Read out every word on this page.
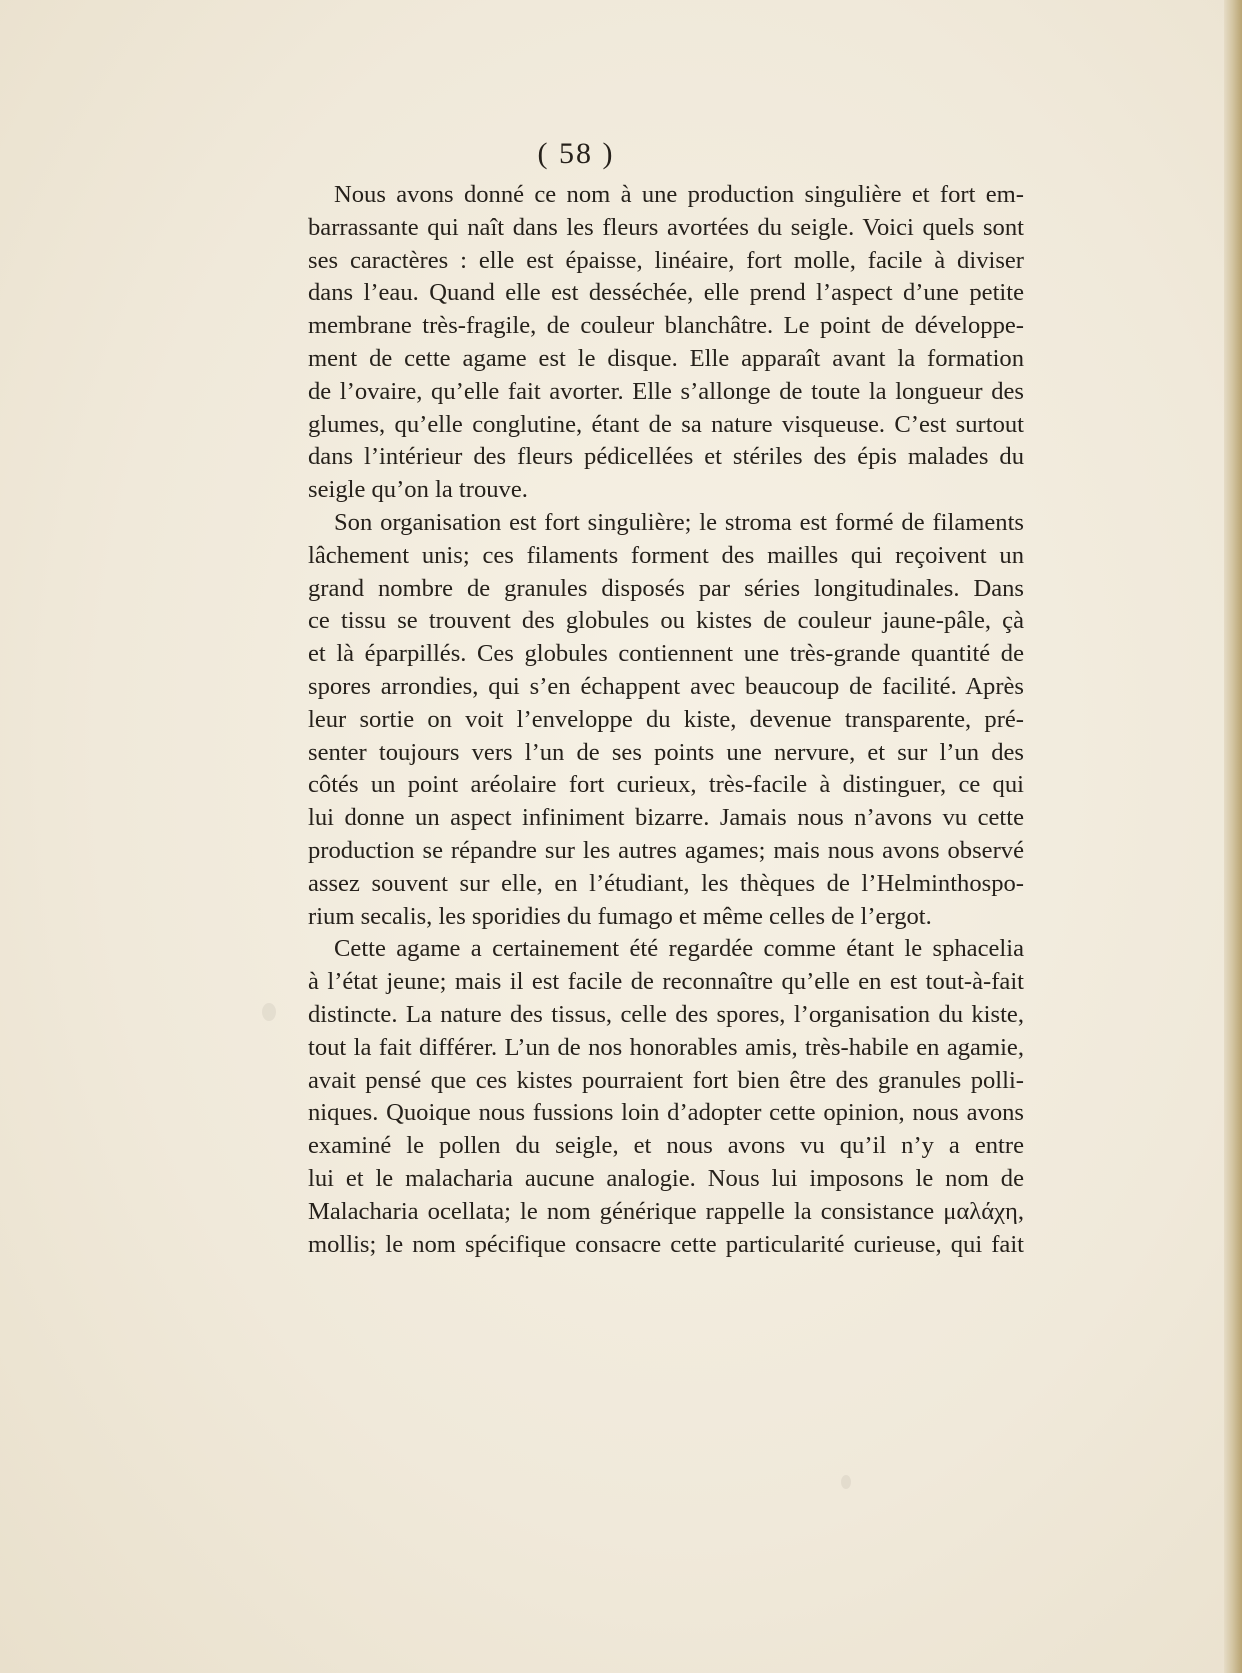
( 58 )
Nous avons donné ce nom à une production singulière et fort em-
barrassante qui naît dans les fleurs avortées du seigle. Voici quels sont
ses caractères : elle est épaisse, linéaire, fort molle, facile à diviser
dans l’eau. Quand elle est desséchée, elle prend l’aspect d’une petite
membrane très-fragile, de couleur blanchâtre. Le point de développe-
ment de cette agame est le disque. Elle apparaît avant la formation
de l’ovaire, qu’elle fait avorter. Elle s’allonge de toute la longueur des
glumes, qu’elle conglutine, étant de sa nature visqueuse. C’est surtout
dans l’intérieur des fleurs pédicellées et stériles des épis malades du
seigle qu’on la trouve.
Son organisation est fort singulière; le stroma est formé de filaments
lâchement unis; ces filaments forment des mailles qui reçoivent un
grand nombre de granules disposés par séries longitudinales. Dans
ce tissu se trouvent des globules ou kistes de couleur jaune-pâle, çà
et là éparpillés. Ces globules contiennent une très-grande quantité de
spores arrondies, qui s’en échappent avec beaucoup de facilité. Après
leur sortie on voit l’enveloppe du kiste, devenue transparente, pré-
senter toujours vers l’un de ses points une nervure, et sur l’un des
côtés un point aréolaire fort curieux, très-facile à distinguer, ce qui
lui donne un aspect infiniment bizarre. Jamais nous n’avons vu cette
production se répandre sur les autres agames; mais nous avons observé
assez souvent sur elle, en l’étudiant, les thèques de l’Helminthospo-
rium secalis, les sporidies du fumago et même celles de l’ergot.
Cette agame a certainement été regardée comme étant le sphacelia
à l’état jeune; mais il est facile de reconnaître qu’elle en est tout-à-fait
distincte. La nature des tissus, celle des spores, l’organisation du kiste,
tout la fait différer. L’un de nos honorables amis, très-habile en agamie,
avait pensé que ces kistes pourraient fort bien être des granules polli-
niques. Quoique nous fussions loin d’adopter cette opinion, nous avons
examiné le pollen du seigle, et nous avons vu qu’il n’y a entre
lui et le malacharia aucune analogie. Nous lui imposons le nom de
Malacharia ocellata; le nom générique rappelle la consistance μαλάχη,
mollis; le nom spécifique consacre cette particularité curieuse, qui fait
